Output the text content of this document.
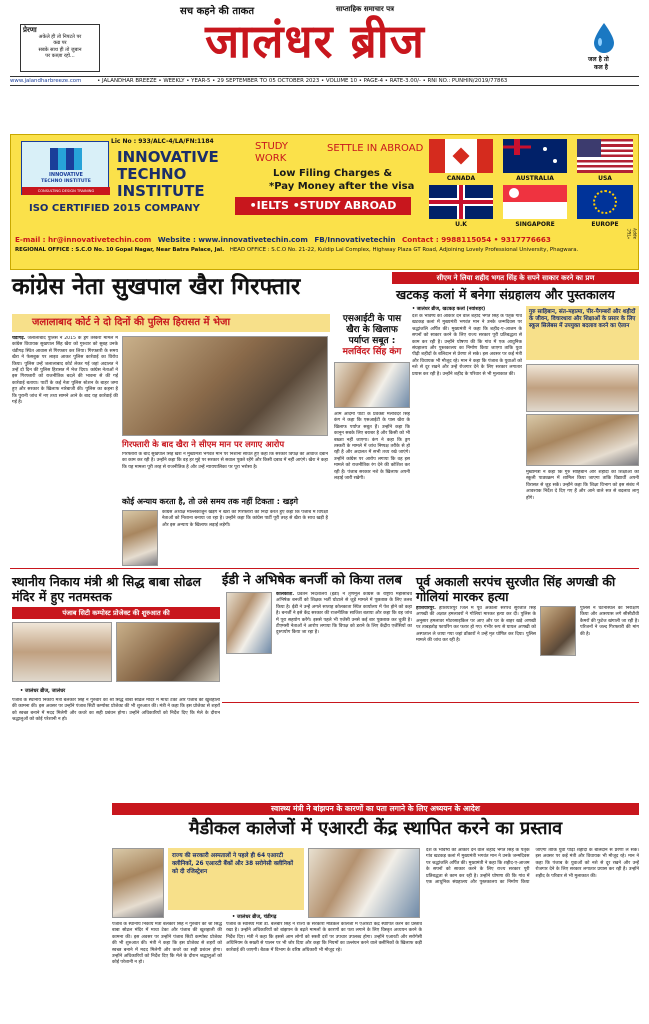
प्रेरणा
अकेले ही तो निपटते पर
कब्र पर
सबके साथ ही तो जुबान
पर कब्ज़ा रहो...
सच कहने की ताकत	साप्ताहिक समाचार पत्र
जालंधर ब्रीज	जल है तो
कल है
www.jalandharbreeze.com	• JALANDHAR BREEZE • WEEKLY • YEAR-5 • 29 SEPTEMBER TO 05 OCTOBER 2023 • VOLUME 10 • PAGE-4 • RATE-3.00/- • RNI NO.: PUNHIN/2019/77863
INNOVATIVE
TECHNO INSTITUTE
CONSULTING DESIGN TRAINING
Lic No : 933/ALC-4/LA/FN:1184
INNOVATIVE
TECHNO
INSTITUTE
ISO CERTIFIED 2015 COMPANY
STUDY
WORK
SETTLE IN ABROAD
Low Filing Charges &
*Pay Money after the visa
•IELTS •STUDY ABROAD
CANADA	AUSTRALIA	USA
U.K	SINGAPORE	EUROPE
*T&C apply
E-mail : hr@innovativetechin.com Website : www.innovativetechin.com FB/Innovativetechin Contact : 9988115054 • 9317776663
REGIONAL OFFICE : S.C.O No. 10 Gopal Nagar, Near Batra Palace, Jal. HEAD OFFICE : S.C.O No. 21-22, Kuldip Lal Complex, Highway Plaza GT Road, Adjoining Lovely Professional University, Phagwara.
कांग्रेस नेता सुखपाल खैरा गिरफ्तार
जलालाबाद कोर्ट ने दो दिनों की पुलिस हिरासत में भेजा
चंडीगढ़. जलालाबाद पुलिस ने 2015 के ड्रग तस्करी मामले में कांग्रेस विधायक सुखपाल सिंह खैरा को गुरुवार को सुबह उनके चंडीगढ़ स्थित आवास से गिरफ्तार कर लिया। गिरफ्तारी के समय खैरा ने फेसबुक पर लाइव आकर पुलिस कार्रवाई का विरोध किया। पुलिस उन्हें जलालाबाद कोर्ट लेकर गई जहां अदालत ने उन्हें दो दिन की पुलिस हिरासत में भेज दिया। कांग्रेस नेताओं ने इस गिरफ्तारी को राजनीतिक बदले की भावना से की गई कार्रवाई बताया। पार्टी के कई नेता पुलिस स्टेशन के बाहर जमा हुए और सरकार के खिलाफ नारेबाजी की। पुलिस का कहना है कि पुरानी जांच में नए तथ्य सामने आने के बाद यह कार्रवाई की गई है।
गिरफ्तारी के बाद खैरा ने सीएम मान पर लगाए आरोप
गिरफ्तारी के बाद सुखपाल सिंह खैरा ने मुख्यमंत्री भगवंत मान पर निशाना साधते हुए कहा कि सरकार विपक्ष की आवाज दबाने का काम कर रही है। उन्होंने कहा कि वह हर मुद्दे पर सरकार से सवाल पूछते रहेंगे और किसी दबाव में नहीं आएंगे। खैरा ने कहा कि यह मामला पूरी तरह से राजनीतिक है और उन्हें न्यायपालिका पर पूरा भरोसा है।
कोई अन्याय करता है, तो उसे समय तक नहीं टिकता : खड़गे
कांग्रेस अध्यक्ष मल्लिकार्जुन खड़गे ने खैरा की गिरफ्तारी की निंदा करते हुए कहा कि पंजाब में विपक्षी नेताओं को निशाना बनाया जा रहा है। उन्होंने कहा कि कांग्रेस पार्टी पूरी तरह से खैरा के साथ खड़ी है और इस अन्याय के खिलाफ लड़ाई लड़ेगी।
एसआईटी के पास
खैरा के खिलाफ
पर्याप्त सबूत :
मलविंदर सिंह कंग
आम आदमी पार्टी के प्रवक्ता मलविंदर सिंह कंग ने कहा कि एसआईटी के पास खैरा के खिलाफ पर्याप्त सबूत हैं। उन्होंने कहा कि कानून सबके लिए बराबर है और किसी को भी बख्शा नहीं जाएगा। कंग ने कहा कि ड्रग तस्करी के मामले में जांच निष्पक्ष तरीके से हो रही है और अदालत में सभी तथ्य रखे जाएंगे। उन्होंने कांग्रेस पर आरोप लगाया कि वह इस मामले को राजनीतिक रंग देने की कोशिश कर रही है। पंजाब सरकार नशे के खिलाफ अपनी लड़ाई जारी रखेगी।
सीएम ने लिया शहीद भगत सिंह के सपने साकार करने का प्रण
खटकड़ कलां में बनेगा संग्रहालय और पुस्तकालय
• जालंधर ब्रीज, खटकड़ कलां (नवांशहर)
देश के भविष्य को आकार देने वाले शहीद भगत सिंह के पैतृक गांव खटकड़ कलां में मुख्यमंत्री भगवंत मान ने उनके जन्मदिवस पर श्रद्धांजलि अर्पित की। मुख्यमंत्री ने कहा कि शहीद-ए-आजम के सपनों को साकार करने के लिए राज्य सरकार पूरी प्रतिबद्धता से काम कर रही है। उन्होंने घोषणा की कि गांव में एक आधुनिक संग्रहालय और पुस्तकालय का निर्माण किया जाएगा ताकि युवा पीढ़ी शहीदों के बलिदान से प्रेरणा ले सके। इस अवसर पर कई मंत्री और विधायक भी मौजूद रहे। मान ने कहा कि पंजाब के युवाओं को नशे से दूर रखने और उन्हें रोजगार देने के लिए सरकार लगातार प्रयास कर रही है। उन्होंने शहीद के परिवार से भी मुलाकात की।
गुरु साहिबान, संत-महात्मा, पीर-पैगम्बरों और शहीदों के जीवन, विचारधारा और शिक्षाओं के प्रसार के लिए स्कूल सिलेबस में उपयुक्त बदलाव करने का ऐलान
मुख्यमंत्री ने कहा कि गुरु साहिबान और शहीदों की शिक्षाओं को स्कूली पाठ्यक्रम में शामिल किया जाएगा ताकि विद्यार्थी अपनी विरासत से जुड़ सकें। उन्होंने कहा कि शिक्षा विभाग को इस संबंध में आवश्यक निर्देश दे दिए गए हैं और आने वाले सत्र से बदलाव लागू होंगे।
स्थानीय निकाय मंत्री श्री सिद्ध बाबा सोढल मंदिर में हुए नतमस्तक
पंजाब सिटी कम्पोस्ट प्रोजेक्ट की शुरुआत की
• जालंधर ब्रीज, जालंधर
पंजाब के स्थानीय निकाय मंत्री बलकार सिंह ने गुरुवार को श्री सिद्ध बाबा सोढल मंदिर में माथा टेका और पंजाब की खुशहाली की कामना की। इस अवसर पर उन्होंने पंजाब सिटी कम्पोस्ट प्रोजेक्ट की भी शुरुआत की। मंत्री ने कहा कि इस प्रोजेक्ट से शहरों को स्वच्छ बनाने में मदद मिलेगी और कचरे का सही प्रबंधन होगा। उन्होंने अधिकारियों को निर्देश दिए कि मेले के दौरान श्रद्धालुओं को कोई परेशानी न हो।
ईडी ने अभिषेक बनर्जी को किया तलब
कोलकाता. प्रवर्तन निदेशालय (ईडी) ने तृणमूल कांग्रेस के राष्ट्रीय महासचिव अभिषेक बनर्जी को शिक्षक भर्ती घोटाले से जुड़े मामले में पूछताछ के लिए तलब किया है। ईडी ने उन्हें अगले सप्ताह कोलकाता स्थित कार्यालय में पेश होने को कहा है। बनर्जी ने इसे केंद्र सरकार की राजनीतिक साजिश बताया और कहा कि वह जांच में पूरा सहयोग करेंगे। इससे पहले भी एजेंसी उनसे कई बार पूछताछ कर चुकी है। टीएमसी नेताओं ने आरोप लगाया कि विपक्ष को डराने के लिए केंद्रीय एजेंसियों का दुरुपयोग किया जा रहा है।
पूर्व अकाली सरपंच सुरजीत सिंह अणखी की गोलियां मारकर हत्या
होशियारपुर. होशियारपुर जिले में पूर्व अकाली सरपंच सुरजीत सिंह अणखी की अज्ञात हमलावरों ने गोलियां मारकर हत्या कर दी। पुलिस के अनुसार हमलावर मोटरसाइकिल पर आए और घर के बाहर खड़े अणखी पर ताबड़तोड़ फायरिंग कर फरार हो गए। गंभीर रूप से घायल अणखी को अस्पताल ले जाया गया जहां डॉक्टरों ने उन्हें मृत घोषित कर दिया। पुलिस मामले की जांच कर रही है।
पुलिस ने घटनास्थल का निरीक्षण किया और आसपास लगे सीसीटीवी कैमरों की फुटेज खंगाली जा रही है। परिजनों ने जल्द गिरफ्तारी की मांग की है।
स्वास्थ्य मंत्री ने बांझपन के कारणों का पता लगाने के लिए अध्ययन के आदेश
मैडीकल कालेजों में एआरटी केंद्र स्थापित करने का प्रस्ताव
पंजाब के स्थानीय निकाय मंत्री बलकार सिंह ने गुरुवार को श्री सिद्ध बाबा सोढल मंदिर में माथा टेका और पंजाब की खुशहाली की कामना की। इस अवसर पर उन्होंने पंजाब सिटी कम्पोस्ट प्रोजेक्ट की भी शुरुआत की। मंत्री ने कहा कि इस प्रोजेक्ट से शहरों को स्वच्छ बनाने में मदद मिलेगी और कचरे का सही प्रबंधन होगा। उन्होंने अधिकारियों को निर्देश दिए कि मेले के दौरान श्रद्धालुओं को कोई परेशानी न हो।
राज्य की सरकारी अस्पतालों ने पहले ही 64 एआरटी क्लीनिकों, 26 एआरटी बैंकों और 38 सरोगेसी क्लीनिकों को दी रजिस्ट्रेशन
• जालंधर ब्रीज, चंडीगढ़
पंजाब के स्वास्थ्य मंत्री डॉ. बलबीर सिंह ने राज्य के सरकारी मेडिकल कॉलेजों में एआरटी केंद्र स्थापित करने का प्रस्ताव रखा है। उन्होंने अधिकारियों को बांझपन के बढ़ते मामलों के कारणों का पता लगाने के लिए विस्तृत अध्ययन करने के निर्देश दिए। मंत्री ने कहा कि इससे आम लोगों को सस्ती दरों पर उपचार उपलब्ध होगा। उन्होंने एआरटी और सरोगेसी अधिनियम के सख्ती से पालन पर भी जोर दिया और कहा कि नियमों का उल्लंघन करने वाले क्लीनिकों के खिलाफ कड़ी कार्रवाई की जाएगी। बैठक में विभाग के वरिष्ठ अधिकारी भी मौजूद रहे।
देश के भविष्य को आकार देने वाले शहीद भगत सिंह के पैतृक गांव खटकड़ कलां में मुख्यमंत्री भगवंत मान ने उनके जन्मदिवस पर श्रद्धांजलि अर्पित की। मुख्यमंत्री ने कहा कि शहीद-ए-आजम के सपनों को साकार करने के लिए राज्य सरकार पूरी प्रतिबद्धता से काम कर रही है। उन्होंने घोषणा की कि गांव में एक आधुनिक संग्रहालय और पुस्तकालय का निर्माण किया जाएगा ताकि युवा पीढ़ी शहीदों के बलिदान से प्रेरणा ले सके। इस अवसर पर कई मंत्री और विधायक भी मौजूद रहे। मान ने कहा कि पंजाब के युवाओं को नशे से दूर रखने और उन्हें रोजगार देने के लिए सरकार लगातार प्रयास कर रही है। उन्होंने शहीद के परिवार से भी मुलाकात की।
